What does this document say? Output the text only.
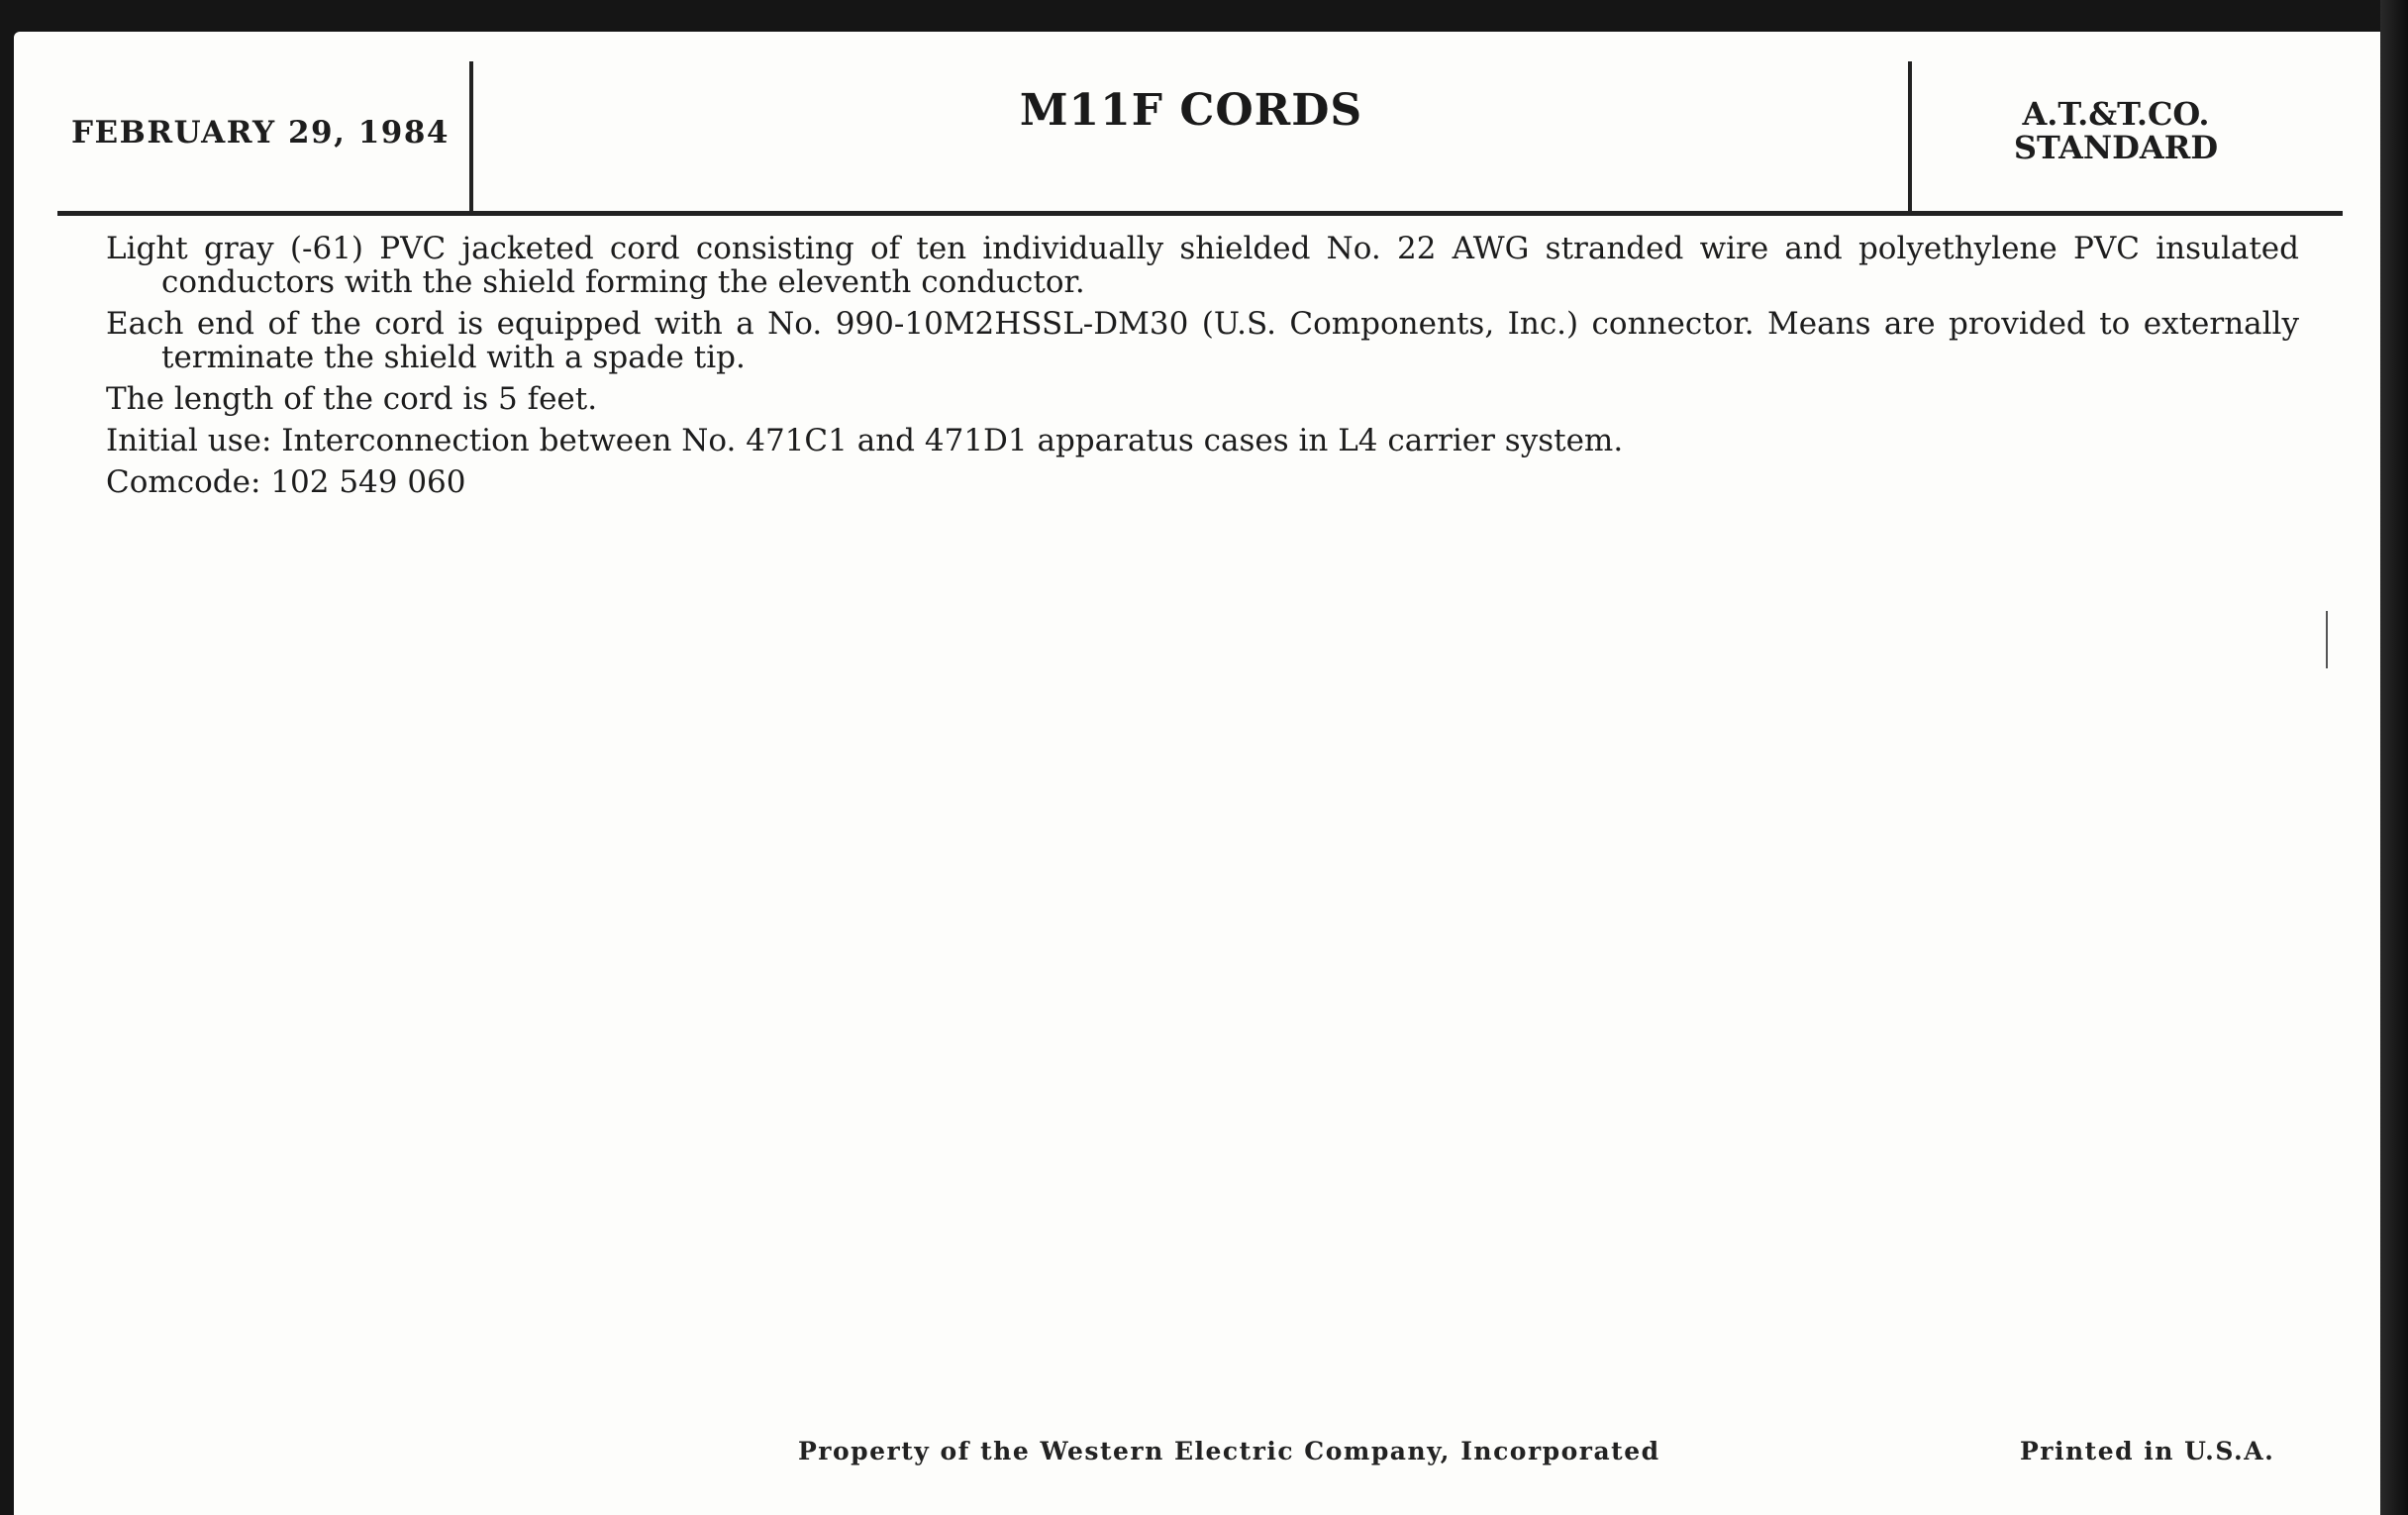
FEBRUARY 29, 1984	M11F CORDS	A.T.&T.CO.
STANDARD

Light gray (-61) PVC jacketed cord consisting of ten individually shielded No. 22 AWG stranded wire and polyethylene PVC insulated conductors with the shield forming the eleventh conductor.

Each end of the cord is equipped with a No. 990-10M2HSSL-DM30 (U.S. Components, Inc.) connector. Means are provided to externally terminate the shield with a spade tip.

The length of the cord is 5 feet.

Initial use: Interconnection between No. 471C1 and 471D1 apparatus cases in L4 carrier system.

Comcode: 102 549 060

Property of the Western Electric Company, Incorporated	Printed in U.S.A.
